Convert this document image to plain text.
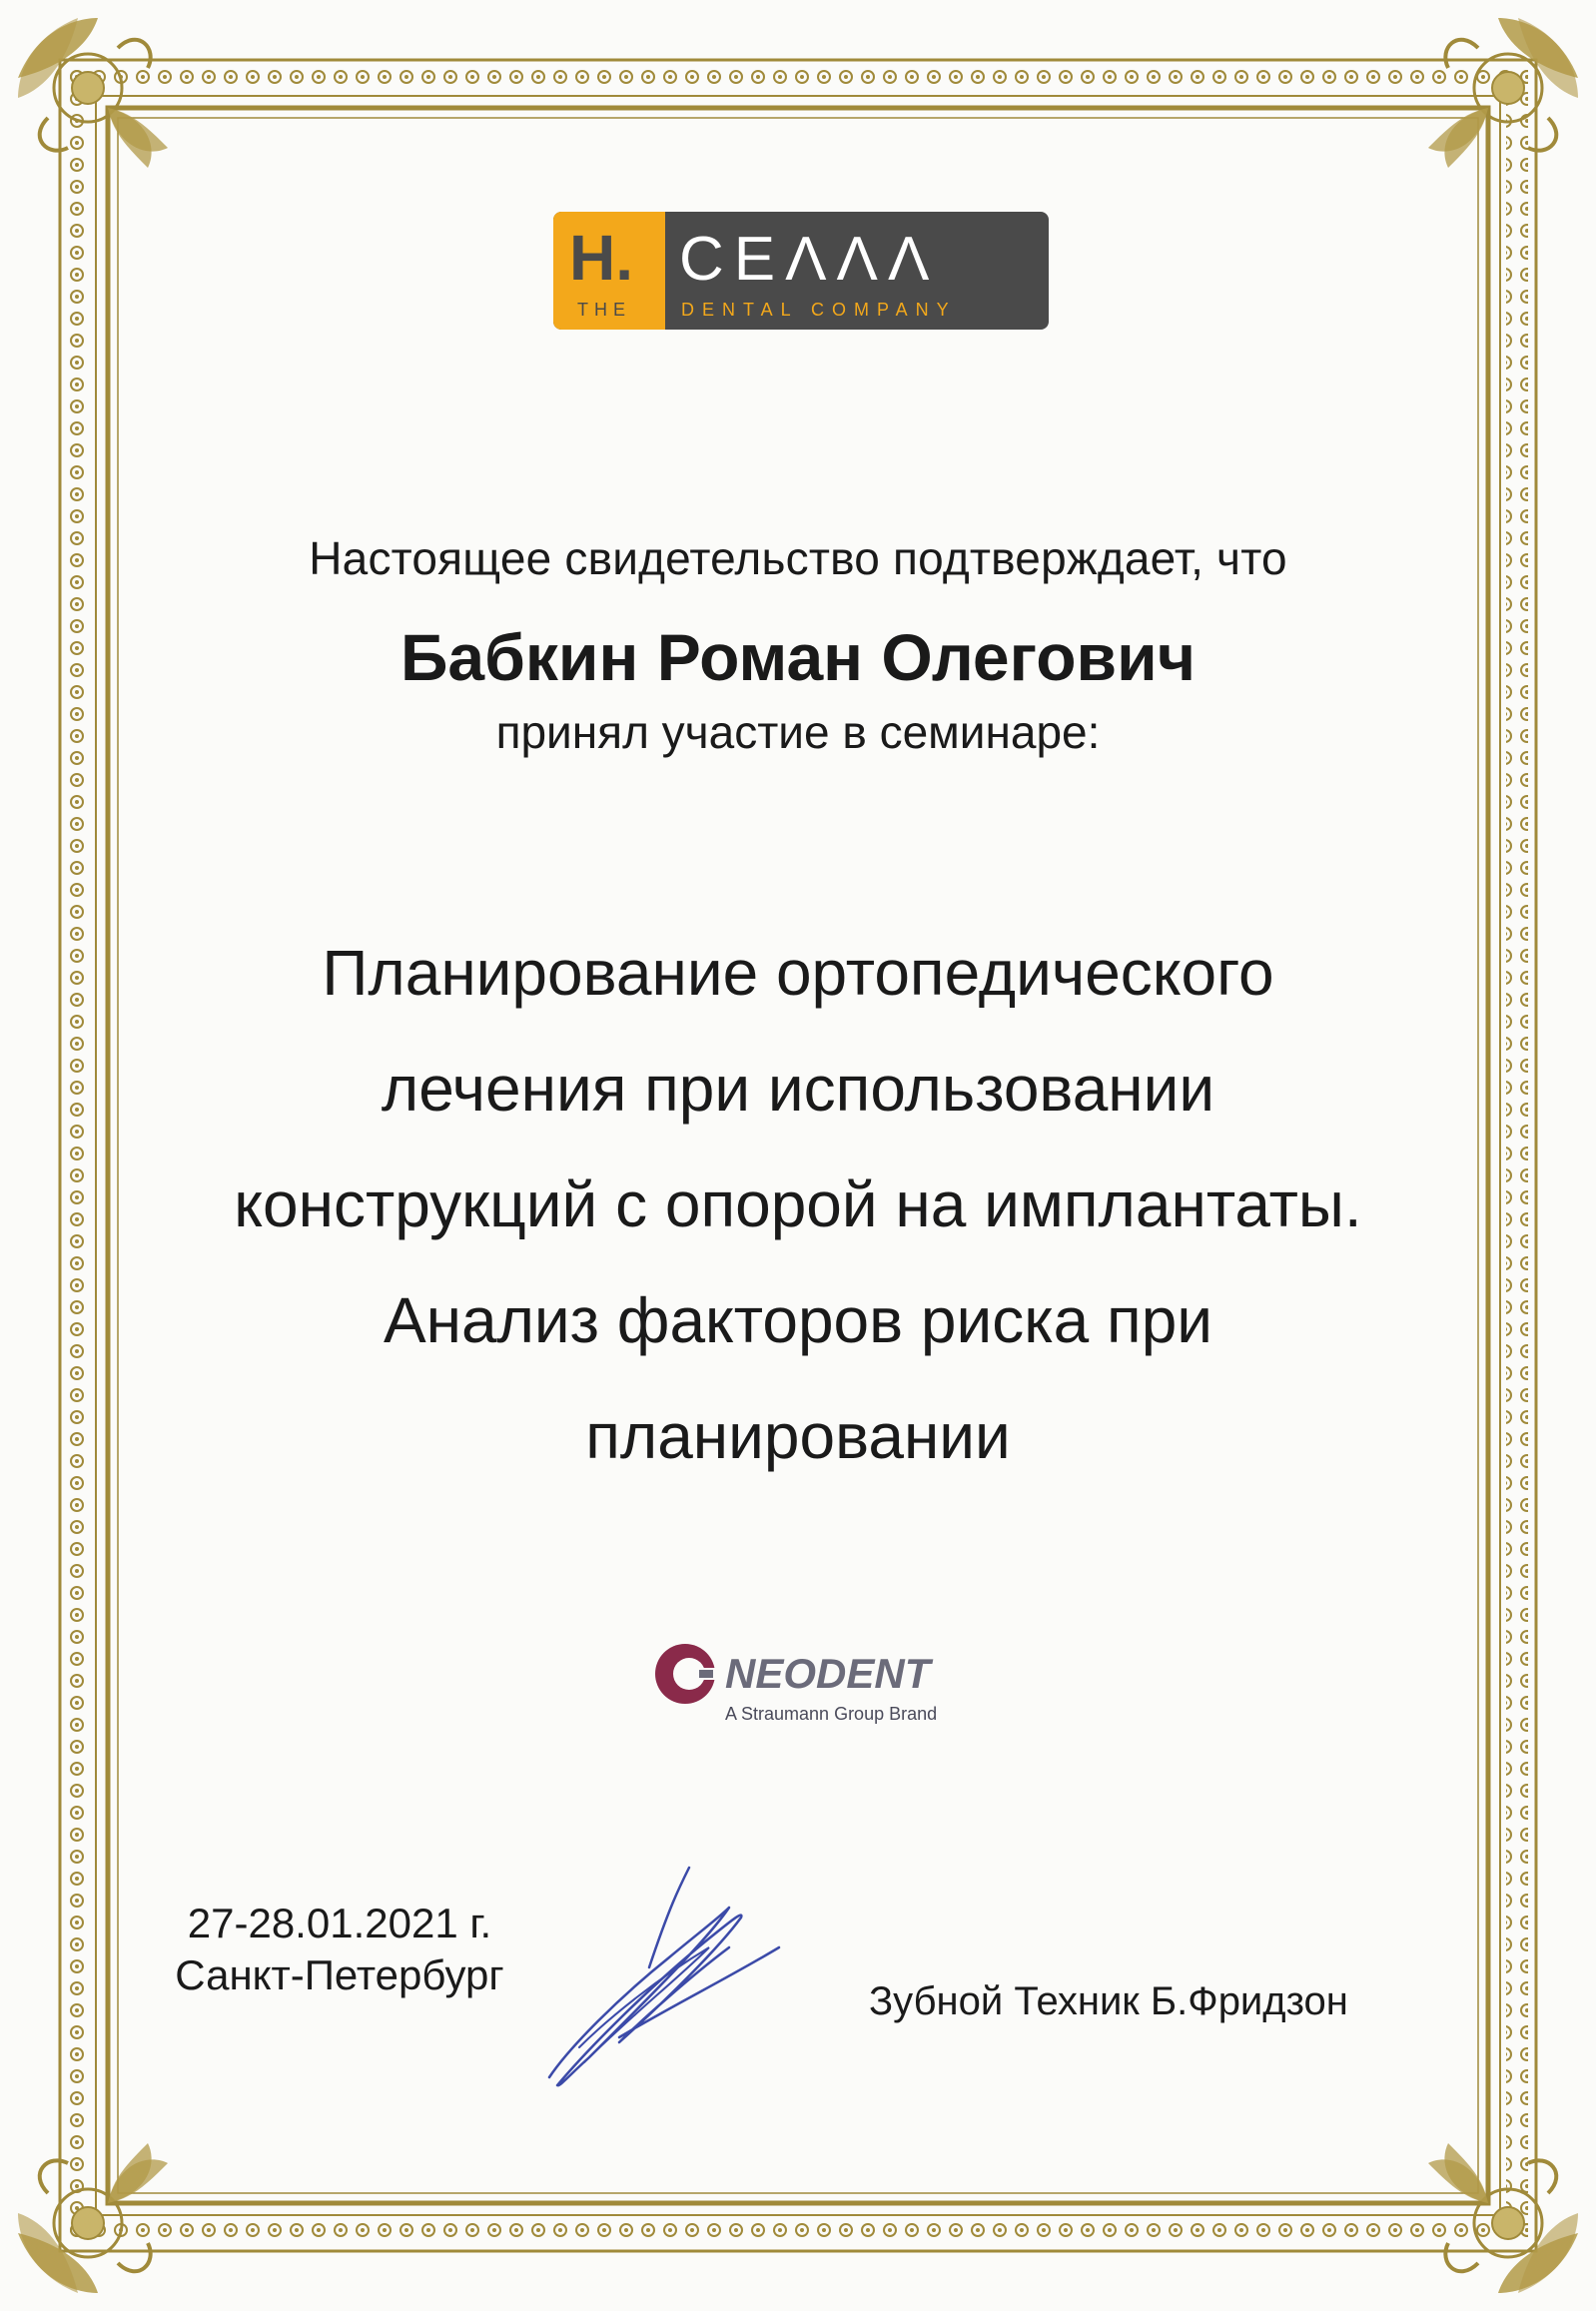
H. CEΛΛΛ
THE	DENTAL COMPANY
Настоящее свидетельство подтверждает, что
Бабкин Роман Олегович
принял участие в семинаре:
Планирование ортопедического
лечения при использовании
конструкций с опорой на имплантаты.
Анализ факторов риска при
планировании
NEODENT
A Straumann Group Brand
27-28.01.2021 г.
Санкт-Петербург
Зубной Техник Б.Фридзон
